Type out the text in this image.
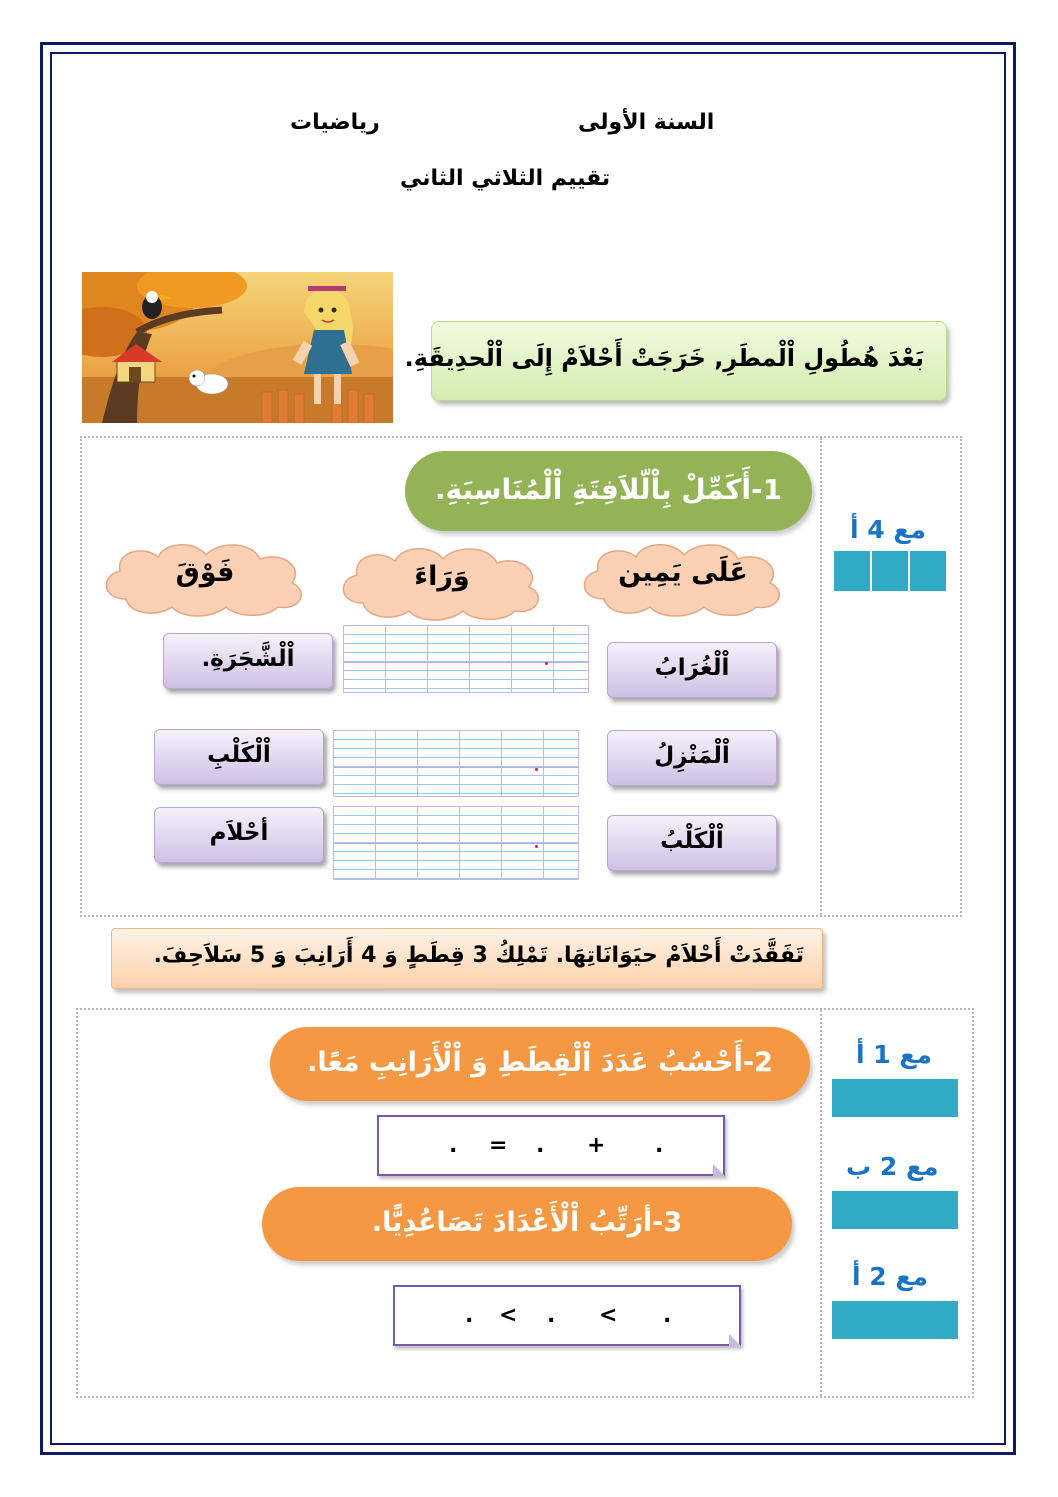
السنة الأولى
رياضيات
تقييم الثلاثي الثاني
بَعْدَ هُطُولِ اْلْمطَرِ, خَرَجَتْ أَحْلاَمْ إِلَى اْلْحدِيقَةِ.
1-أَكَمِّلْ بِاْلّلاَفِتَةِ اْلْمُنَاسِبَةِ.
مع 4 أ
عَلَى يَمِين
وَرَاءَ
فَوْقَ
اْلْغُرَابُ
اْلْشَّجَرَةِ.
اْلْمَنْزِلُ
اْلْكَلْبِ
اْلْكَلْبُ
أحْلاَم
تَفَقَّدَتْ أَحْلاَمْ حيَوَانَاتِهَا. تَمْلِكُ 3 قِطَطٍ وَ 4 أَرَانِبَ وَ 5 سَلاَحِفَ.
2-أَحْسُبُ عَدَدَ اْلْقِطَطِ وَ اْلْأَرَانِبِ مَعًا.	مع 1 أ
.
+
.
=
.
مع 2 ب
3-أرَتِّبُ اْلْأَعْدَادَ تَصَاعُدِيًّا.
مع 2 أ
.
<
.
<
.
